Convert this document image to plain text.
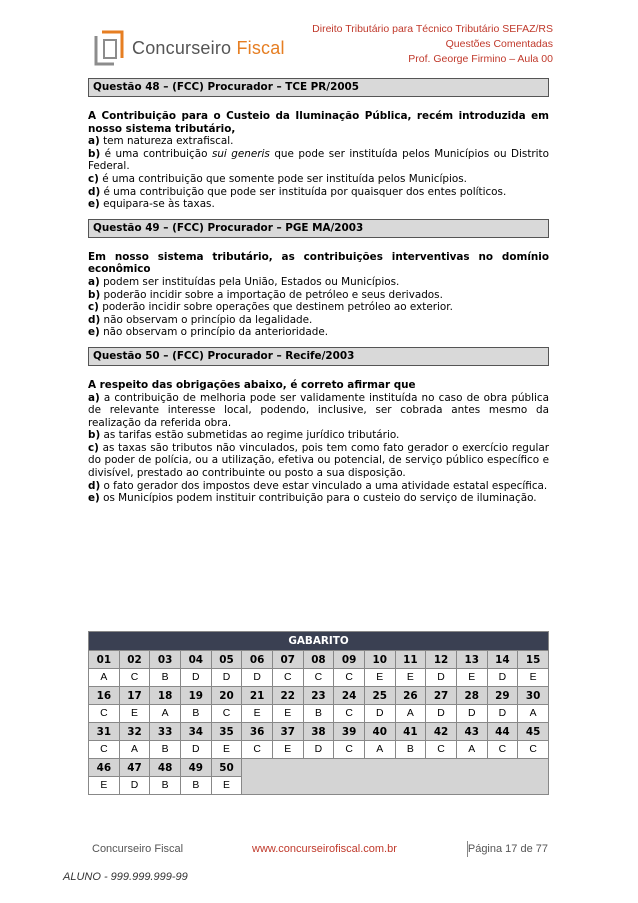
Concurseiro Fiscal
Direito Tributário para Técnico Tributário SEFAZ/RS
Questões Comentadas
Prof. George Firmino – Aula 00
Questão 48 – (FCC) Procurador – TCE PR/2005
A Contribuição para o Custeio da Iluminação Pública, recém introduzida em nosso sistema tributário,
a) tem natureza extrafiscal.
b) é uma contribuição sui generis que pode ser instituída pelos Municípios ou Distrito Federal.
c) é uma contribuição que somente pode ser instituída pelos Municípios.
d) é uma contribuição que pode ser instituída por quaisquer dos entes políticos.
e) equipara-se às taxas.
Questão 49 – (FCC) Procurador – PGE MA/2003
Em nosso sistema tributário, as contribuições interventivas no domínio econômico
a) podem ser instituídas pela União, Estados ou Municípios.
b) poderão incidir sobre a importação de petróleo e seus derivados.
c) poderão incidir sobre operações que destinem petróleo ao exterior.
d) não observam o princípio da legalidade.
e) não observam o princípio da anterioridade.
Questão 50 – (FCC) Procurador – Recife/2003
A respeito das obrigações abaixo, é correto afirmar que
a) a contribuição de melhoria pode ser validamente instituída no caso de obra pública de relevante interesse local, podendo, inclusive, ser cobrada antes mesmo da realização da referida obra.
b) as tarifas estão submetidas ao regime jurídico tributário.
c) as taxas são tributos não vinculados, pois tem como fato gerador o exercício regular do poder de polícia, ou a utilização, efetiva ou potencial, de serviço público específico e divisível, prestado ao contribuinte ou posto a sua disposição.
d) o fato gerador dos impostos deve estar vinculado a uma atividade estatal específica.
e) os Municípios podem instituir contribuição para o custeio do serviço de iluminação.
GABARITO														
01	02	03	04	05	06	07	08	09	10	11	12	13	14	15
A	C	B	D	D	D	C	C	C	E	E	D	E	D	E
16	17	18	19	20	21	22	23	24	25	26	27	28	29	30
C	E	A	B	C	E	E	B	C	D	A	D	D	D	A
31	32	33	34	35	36	37	38	39	40	41	42	43	44	45
C	A	B	D	E	C	E	D	C	A	B	C	A	C	C
46	47	48	49	50										
E	D	B	B	E										
Concurseiro Fiscal	www.concurseirofiscal.com.br	Página 17 de 77
ALUNO - 999.999.999-99
